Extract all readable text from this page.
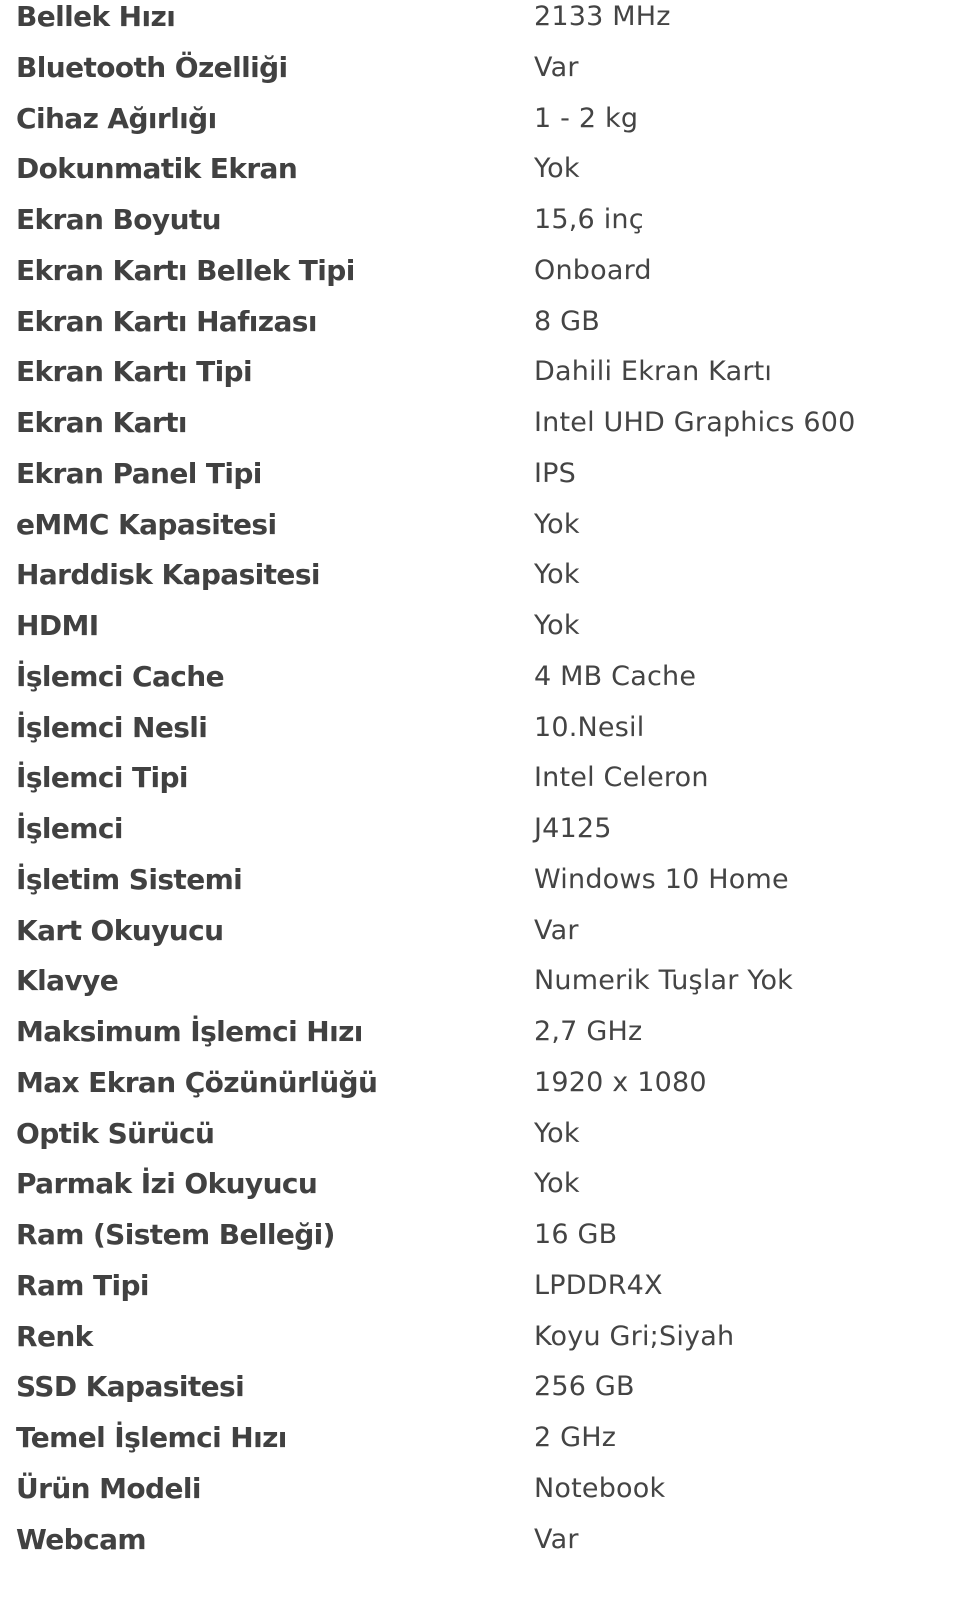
Bellek Hızı	2133 MHz
Bluetooth Özelliği	Var
Cihaz Ağırlığı	1 - 2 kg
Dokunmatik Ekran	Yok
Ekran Boyutu	15,6 inç
Ekran Kartı Bellek Tipi	Onboard
Ekran Kartı Hafızası	8 GB
Ekran Kartı Tipi	Dahili Ekran Kartı
Ekran Kartı	Intel UHD Graphics 600
Ekran Panel Tipi	IPS
eMMC Kapasitesi	Yok
Harddisk Kapasitesi	Yok
HDMI	Yok
İşlemci Cache	4 MB Cache
İşlemci Nesli	10.Nesil
İşlemci Tipi	Intel Celeron
İşlemci	J4125
İşletim Sistemi	Windows 10 Home
Kart Okuyucu	Var
Klavye	Numerik Tuşlar Yok
Maksimum İşlemci Hızı	2,7 GHz
Max Ekran Çözünürlüğü	1920 x 1080
Optik Sürücü	Yok
Parmak İzi Okuyucu	Yok
Ram (Sistem Belleği)	16 GB
Ram Tipi	LPDDR4X
Renk	Koyu Gri;Siyah
SSD Kapasitesi	256 GB
Temel İşlemci Hızı	2 GHz
Ürün Modeli	Notebook
Webcam	Var
